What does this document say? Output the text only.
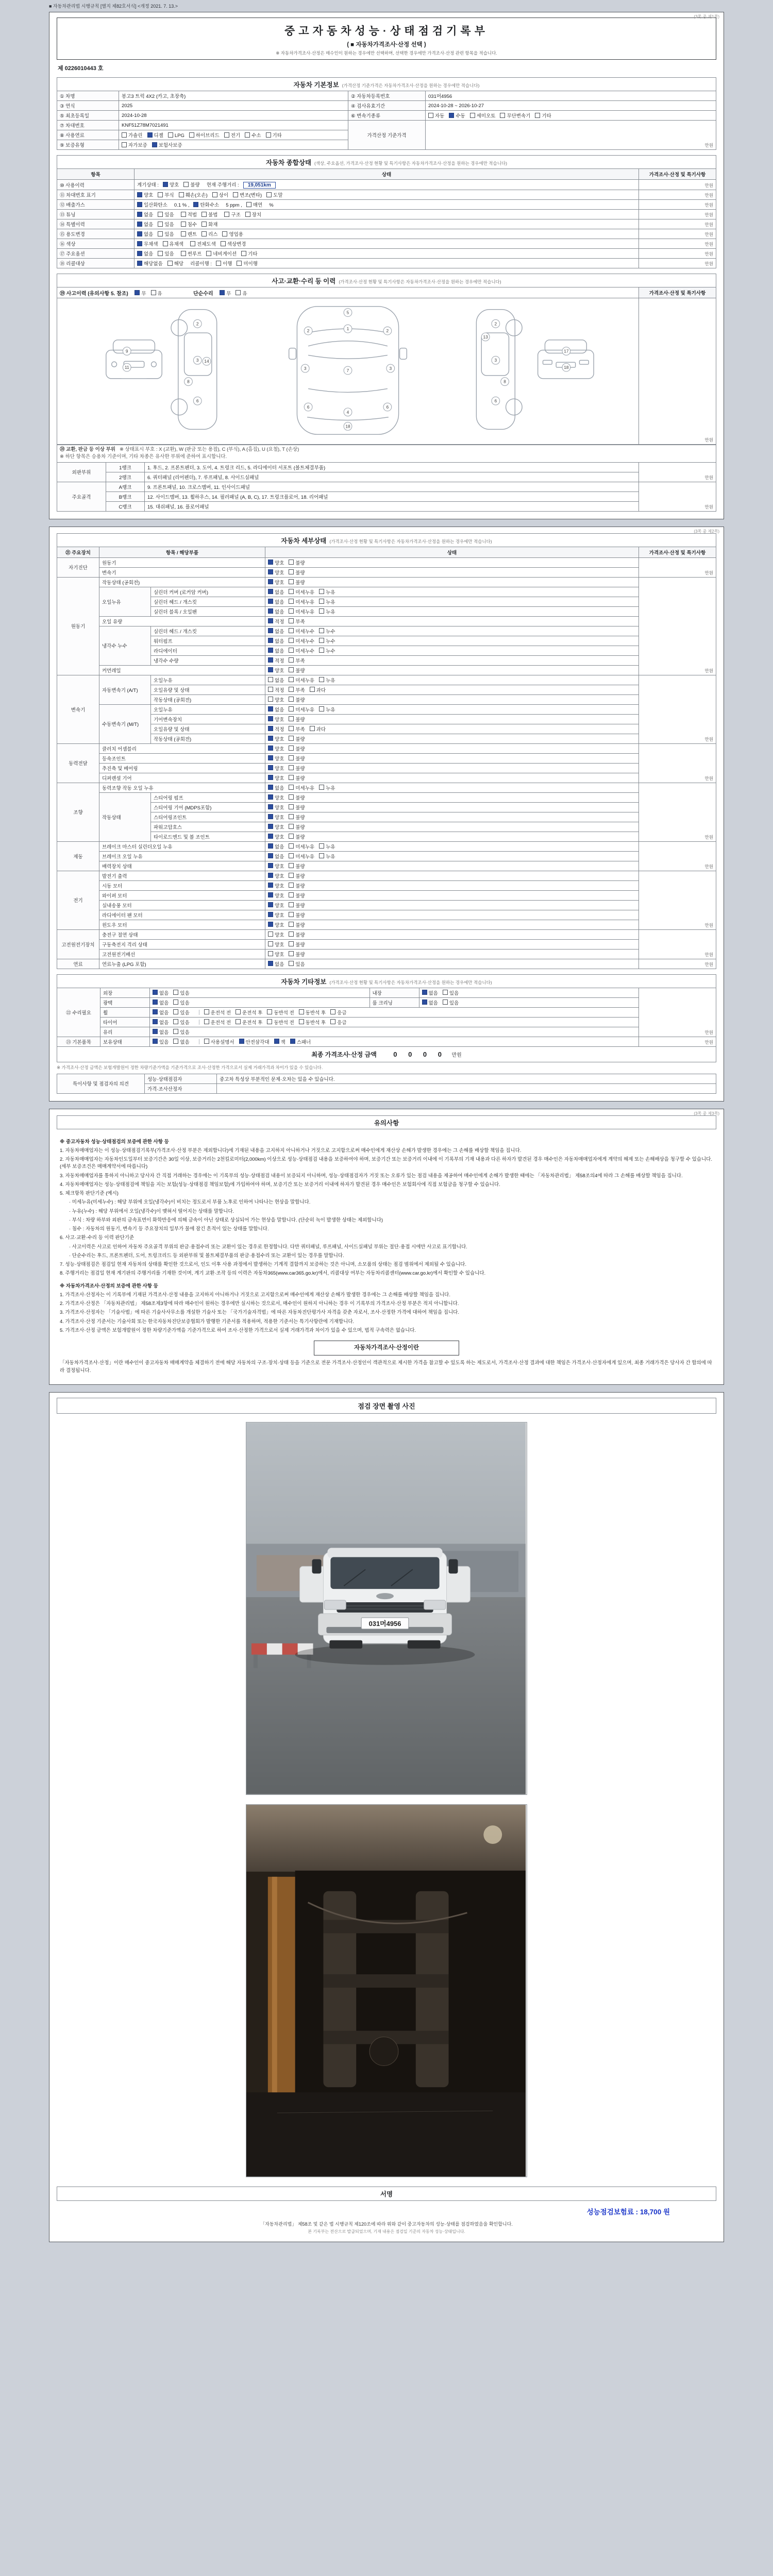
■ 자동차관리법 시행규칙 [별지 제82호서식] <개정 2021. 7. 13.>
(3쪽 중 제1쪽)
중고자동차성능·상태점검기록부
( ■ 자동차가격조사·산정 선택 )
※ 자동차가격조사·산정은 매수인이 원하는 경우에만 선택하며, 선택한 경우에만 가격조사·산정 관련 항목을 적습니다.
제 0226010443 호
자동차 기본정보 (가격산정 기준가격은 자동차가격조사·산정을 원하는 경우에만 적습니다)
① 차명	봉고3 트럭 4X2 (카고, 초장축)	② 자동차등록번호	031머4956
③ 연식	2025	④ 검사유효기간	2024-10-28 ~ 2026-10-27
⑤ 최초등록일	2024-10-28	⑥ 변속기종류	자동 수동 세미오토 무단변속기 기타
⑦ 차대번호	KNF51Z78M7021491	가격산정 기준가격	만원
⑧ 사용연료	가솔린 디젤 LPG 하이브리드 전기 수소 기타		
⑨ 보증유형	자가보증 보험사보증		
자동차 종합상태 (색상, 주요옵션, 가격조사·산정 현황 및 특기사항은 자동차가격조사·산정을 원하는 경우에만 적습니다)
항목	상태	가격조사·산정 및 특기사항
⑩ 사용이력	계기상태 : 양호 불량 현재 주행거리 : 19,051km	만원
⑪ 차대번호 표기	양호 부식 훼손(오손) 상이 변조(변타) 도말	만원
⑫ 배출가스	일산화탄소 0.1 % , 탄화수소 5 ppm , 매연 %	만원
⑬ 튜닝	없음 있음 적법 불법 구조 장치	만원
⑭ 특별이력	없음 있음 침수 화재	만원
⑮ 용도변경	없음 있음 렌트 리스 영업용	만원
⑯ 색상	무채색 유채색 전체도색 색상변경	만원
⑰ 주요옵션	없음 있음 썬루프 네비게이션 기타	만원
⑱ 리콜대상	해당없음 해당 리콜이행 : 이행 미이행	만원
사고·교환·수리 등 이력 (가격조사·산정 현황 및 특기사항은 자동차가격조사·산정을 원하는 경우에만 적습니다)
⑲ 사고이력 (유의사항 5. 참조) 무 유 단순수리 무 유	가격조사·산정 및 특기사항

1
2	2
2	2
3	3
3	3
4
5
6	6
6	6
7
8	8
9
11
13
14
17
18
18
	만원
⑳ 교환, 판금 등 이상 부위 ※ 상태표시 부호 : X (교환), W (판금 또는 용접), C (부식), A (흠집), U (요철), T (손상)
※ 하단 항목은 승용차 기준이며, 기타 차종은 유사한 부위에 준하여 표시합니다.			
외판부위	1랭크	1. 후드, 2. 프론트펜더, 3. 도어, 4. 트렁크 리드, 5. 라디에이터 서포트 (볼트체결부품)	만원
	2랭크	6. 쿼터패널 (리어펜더), 7. 루프패널, 8. 사이드실패널	
주요골격	A랭크	9. 프론트패널, 10. 크로스멤버, 11. 인사이드패널	만원
	B랭크	12. 사이드멤버, 13. 휠하우스, 14. 필러패널 (A, B, C), 17. 트렁크플로어, 18. 리어패널	
	C랭크	15. 대쉬패널, 16. 플로어패널	
(3쪽 중 제2쪽)
자동차 세부상태 (가격조사·산정 현황 및 특기사항은 자동차가격조사·산정을 원하는 경우에만 적습니다)
㉑ 주요장치	항목 / 해당부품		상태	가격조사·산정 및 특기사항
자기진단	원동기		양호 불량	만원
	변속기		양호 불량	
원동기	작동상태 (공회전)		양호 불량	만원
	오일누유	실린더 커버 (로커암 커버)	없음 미세누유 누유	
		실린더 헤드 / 개스킷	없음 미세누유 누유	
		실린더 블록 / 오일팬	없음 미세누유 누유	
	오일 유량		적정 부족	
	냉각수 누수	실린더 헤드 / 개스킷	없음 미세누수 누수	
		워터펌프	없음 미세누수 누수	
		라디에이터	없음 미세누수 누수	
		냉각수 수량	적정 부족	
	커먼레일		양호 불량	
변속기	자동변속기 (A/T)	오일누유	없음 미세누유 누유	만원
		오일유량 및 상태	적정 부족 과다	
		작동상태 (공회전)	양호 불량	
	수동변속기 (M/T)	오일누유	없음 미세누유 누유	
		기어변속장치	양호 불량	
		오일유량 및 상태	적정 부족 과다	
		작동상태 (공회전)	양호 불량	
동력전달	클러치 어셈블리		양호 불량	만원
	등속조인트		양호 불량	
	추진축 및 베어링		양호 불량	
	디퍼렌셜 기어		양호 불량	
조향	동력조향 작동 오일 누유		없음 미세누유 누유	만원
	작동상태	스티어링 펌프	양호 불량	
		스티어링 기어 (MDPS포함)	양호 불량	
		스티어링조인트	양호 불량	
		파워고압호스	양호 불량	
		타이로드엔드 및 볼 조인트	양호 불량	
제동	브레이크 마스터 실린더오일 누유		없음 미세누유 누유	만원
	브레이크 오일 누유		없음 미세누유 누유	
	배력장치 상태		양호 불량	
전기	발전기 출력		양호 불량	만원
	시동 모터		양호 불량	
	와이퍼 모터		양호 불량	
	실내송풍 모터		양호 불량	
	라디에이터 팬 모터		양호 불량	
	윈도우 모터		양호 불량	
고전원전기장치	충전구 절연 상태		양호 불량	만원
	구동축전지 격리 상태		양호 불량	
	고전원전기배선		양호 불량	
연료	연료누출 (LPG 포함)		없음 있음	만원
자동차 기타정보 (가격조사·산정 현황 및 특기사항은 자동차가격조사·산정을 원하는 경우에만 적습니다)
㉒ 수리필요	외장	없음 있음	내장	없음 있음	만원
	광택	없음 있음	룸 크리닝	없음 있음	
	휠	없음 있음 운전석 전 운전석 후 동반석 전 동반석 후 응급			
	타이어	없음 있음 운전석 전 운전석 후 동반석 전 동반석 후 응급			
	유리	없음 있음			
㉓ 기본품목	보유상태	있음 없음 사용설명서 안전삼각대 잭 스패너			만원
최종 가격조사·산정 금액 0 0 0 0 만원
※ 가격조사·산정 금액은 보험개발원이 정한 차량기준가액을 기준가격으로 조사·산정한 가격으로서 실제 거래가격과 차이가 있을 수 있습니다.
특이사항 및 점검자의 의견	성능·상태점검자	중고차 특성상 부분적인 문제·오차는 있을 수 있습니다.
	가격·조사산정자	
(3쪽 중 제3쪽)
유의사항
※ 중고자동차 성능·상태점검의 보증에 관한 사항 등
1. 자동차매매업자는 이 성능·상태점검기록부(가격조사·산정 부분은 제외합니다)에 기재된 내용을 고지하지 아니하거나 거짓으로 고지함으로써 매수인에게 재산상 손해가 발생한 경우에는 그 손해를 배상할 책임을 집니다.
2. 자동차매매업자는 자동차인도일부터 보증기간은 30일 이상, 보증거리는 2천킬로미터(2,000km) 이상으로 성능·상태점검 내용을 보증하여야 하며, 보증기간 또는 보증거리 이내에 이 기록부의 기재 내용과 다른 하자가 발견된 경우 매수인은 자동차매매업자에게 계약의 해제 또는 손해배상을 청구할 수 있습니다. (세부 보증조건은 매매계약서에 따릅니다)
3. 자동차매매업자를 통하지 아니하고 당사자 간 직접 거래하는 경우에는 이 기록부의 성능·상태점검 내용이 보증되지 아니하며, 성능·상태점검자가 거짓 또는 오류가 있는 점검 내용을 제공하여 매수인에게 손해가 발생한 때에는 「자동차관리법」 제58조의4에 따라 그 손해를 배상할 책임을 집니다.
4. 자동차매매업자는 성능·상태점검에 책임을 지는 보험(성능·상태점검 책임보험)에 가입하여야 하며, 보증기간 또는 보증거리 이내에 하자가 발견된 경우 매수인은 보험회사에 직접 보험금을 청구할 수 있습니다.
5. 체크항목 판단기준 (예시)
· 미세누유(미세누수) : 해당 부위에 오일(냉각수)이 비치는 정도로서 부품 노후로 인하여 나타나는 현상을 말합니다.
· 누유(누수) : 해당 부위에서 오일(냉각수)이 맺혀서 떨어지는 상태를 말합니다.
· 부식 : 차량 하부와 외판의 금속표면이 화학반응에 의해 금속이 아닌 상태로 상실되어 가는 현상을 말합니다. (단순히 녹이 발생한 상태는 제외합니다)
· 침수 : 자동차의 원동기, 변속기 등 주요장치의 일부가 물에 잠긴 흔적이 있는 상태를 말합니다.
6. 사고·교환·수리 등 이력 판단기준
· 사고이력은 사고로 인하여 자동차 주요골격 부위의 판금·용접수리 또는 교환이 있는 경우로 한정합니다. 다만 쿼터패널, 루프패널, 사이드실패널 부위는 절단·용접 시에만 사고로 표기합니다.
· 단순수리는 후드, 프론트펜더, 도어, 트렁크리드 등 외판부위 및 볼트체결부품의 판금·용접수리 또는 교환이 있는 경우를 말합니다.
7. 성능·상태점검은 점검일 현재 자동차의 상태를 확인한 것으로서, 인도 이후 사용 과정에서 발생하는 기계적 결함까지 보증하는 것은 아니며, 소모품의 상태는 점검 범위에서 제외될 수 있습니다.
8. 주행거리는 점검일 현재 계기판의 주행거리를 기재한 것이며, 계기 교환·조작 등의 이력은 자동차365(www.car365.go.kr)에서, 리콜대상 여부는 자동차리콜센터(www.car.go.kr)에서 확인할 수 있습니다.
※ 자동차가격조사·산정의 보증에 관한 사항 등
1. 가격조사·산정자는 이 기록부에 기재된 가격조사·산정 내용을 고지하지 아니하거나 거짓으로 고지함으로써 매수인에게 재산상 손해가 발생한 경우에는 그 손해를 배상할 책임을 집니다.
2. 가격조사·산정은 「자동차관리법」 제58조제3항에 따라 매수인이 원하는 경우에만 실시하는 것으로서, 매수인이 원하지 아니하는 경우 이 기록부의 가격조사·산정 부분은 적지 아니합니다.
3. 가격조사·산정자는 「기술사법」에 따른 기술사사무소를 개설한 기술사 또는 「국가기술자격법」에 따른 자동차진단평가사 자격을 갖춘 자로서, 조사·산정한 가격에 대하여 책임을 집니다.
4. 가격조사·산정 기준서는 기술사회 또는 한국자동차진단보증협회가 발행한 기준서를 적용하며, 적용한 기준서는 특기사항란에 기재합니다.
5. 가격조사·산정 금액은 보험개발원이 정한 차량기준가액을 기준가격으로 하여 조사·산정한 가격으로서 실제 거래가격과 차이가 있을 수 있으며, 법적 구속력은 없습니다.
자동차가격조사·산정이란
「자동차가격조사·산정」이란 매수인이 중고자동차 매매계약을 체결하기 전에 해당 자동차의 구조·장치·상태 등을 기준으로 전문 가격조사·산정인이 객관적으로 제시한 가격을 참고할 수 있도록 하는 제도로서, 가격조사·산정 결과에 대한 책임은 가격조사·산정자에게 있으며, 최종 거래가격은 당사자 간 합의에 따라 결정됩니다.
점검 장면 촬영 사진
031머4956
서명
성능점검보험료 : 18,700 원
「자동차관리법」 제58조 및 같은 법 시행규칙 제120조에 따라 위와 같이 중고자동차의 성능·상태를 점검하였음을 확인합니다.
본 기록부는 전산으로 발급되었으며, 기재 내용은 점검일 기준의 자동차 성능·상태입니다.
